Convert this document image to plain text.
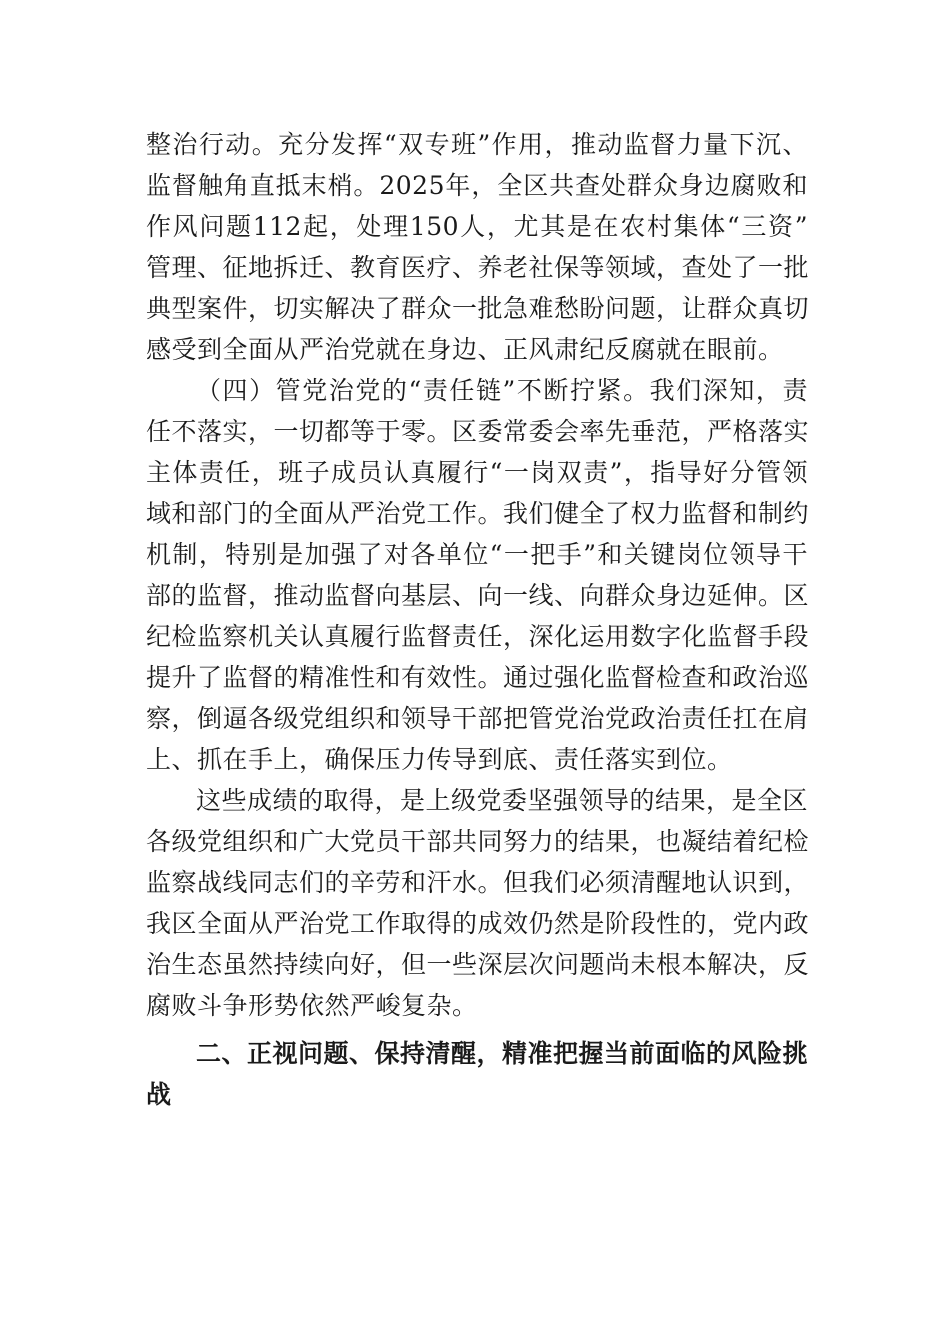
整治行动。充分发挥“双专班”作用，推动监督力量下沉、
监督触角直抵末梢。2025年，全区共查处群众身边腐败和
作风问题112起，处理150人，尤其是在农村集体“三资”
管理、征地拆迁、教育医疗、养老社保等领域，查处了一批
典型案件，切实解决了群众一批急难愁盼问题，让群众真切
感受到全面从严治党就在身边、正风肃纪反腐就在眼前。
（四）管党治党的“责任链”不断拧紧。我们深知，责
任不落实，一切都等于零。区委常委会率先垂范，严格落实
主体责任，班子成员认真履行“一岗双责”，指导好分管领
域和部门的全面从严治党工作。我们健全了权力监督和制约
机制，特别是加强了对各单位“一把手”和关键岗位领导干
部的监督，推动监督向基层、向一线、向群众身边延伸。区
纪检监察机关认真履行监督责任，深化运用数字化监督手段
提升了监督的精准性和有效性。通过强化监督检查和政治巡
察，倒逼各级党组织和领导干部把管党治党政治责任扛在肩
上、抓在手上，确保压力传导到底、责任落实到位。
这些成绩的取得，是上级党委坚强领导的结果，是全区
各级党组织和广大党员干部共同努力的结果，也凝结着纪检
监察战线同志们的辛劳和汗水。但我们必须清醒地认识到，
我区全面从严治党工作取得的成效仍然是阶段性的，党内政
治生态虽然持续向好，但一些深层次问题尚未根本解决，反
腐败斗争形势依然严峻复杂。
二、正视问题、保持清醒，精准把握当前面临的风险挑
战
